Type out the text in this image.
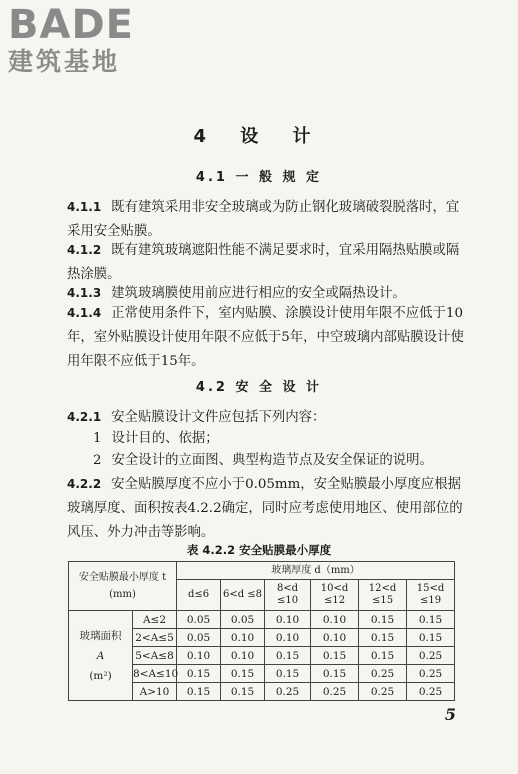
BADE
建筑基地
4 设 计
4.1 一 般 规 定
4.1.1 既有建筑采用非安全玻璃或为防止钢化玻璃破裂脱落时，宜采用安全贴膜。
4.1.2 既有建筑玻璃遮阳性能不满足要求时，宜采用隔热贴膜或隔热涂膜。
4.1.3 建筑玻璃膜使用前应进行相应的安全或隔热设计。
4.1.4 正常使用条件下，室内贴膜、涂膜设计使用年限不应低于10年，室外贴膜设计使用年限不应低于5年，中空玻璃内部贴膜设计使用年限不应低于15年。
4.2 安 全 设 计
4.2.1 安全贴膜设计文件应包括下列内容：
1 设计目的、依据；
2 安全设计的立面图、典型构造节点及安全保证的说明。
4.2.2 安全贴膜厚度不应小于0.05mm，安全贴膜最小厚度应根据玻璃厚度、面积按表4.2.2确定，同时应考虑使用地区、使用部位的风压、外力冲击等影响。
表 4.2.2 安全贴膜最小厚度
安全贴膜最小厚度 t
(mm)		玻璃厚度 d（mm）					
		d≤6	6<d ≤8	8<d ≤10	10<d ≤12	12<d ≤15	15<d ≤19

玻璃面积
A
(m²)	A≤2	0.05	0.05	0.10	0.10	0.15	0.15
	2<A≤5	0.05	0.10	0.10	0.10	0.15	0.15
	5<A≤8	0.10	0.10	0.15	0.15	0.15	0.25
	8<A≤10	0.15	0.15	0.15	0.15	0.25	0.25
	A>10	0.15	0.15	0.25	0.25	0.25	0.25
5
